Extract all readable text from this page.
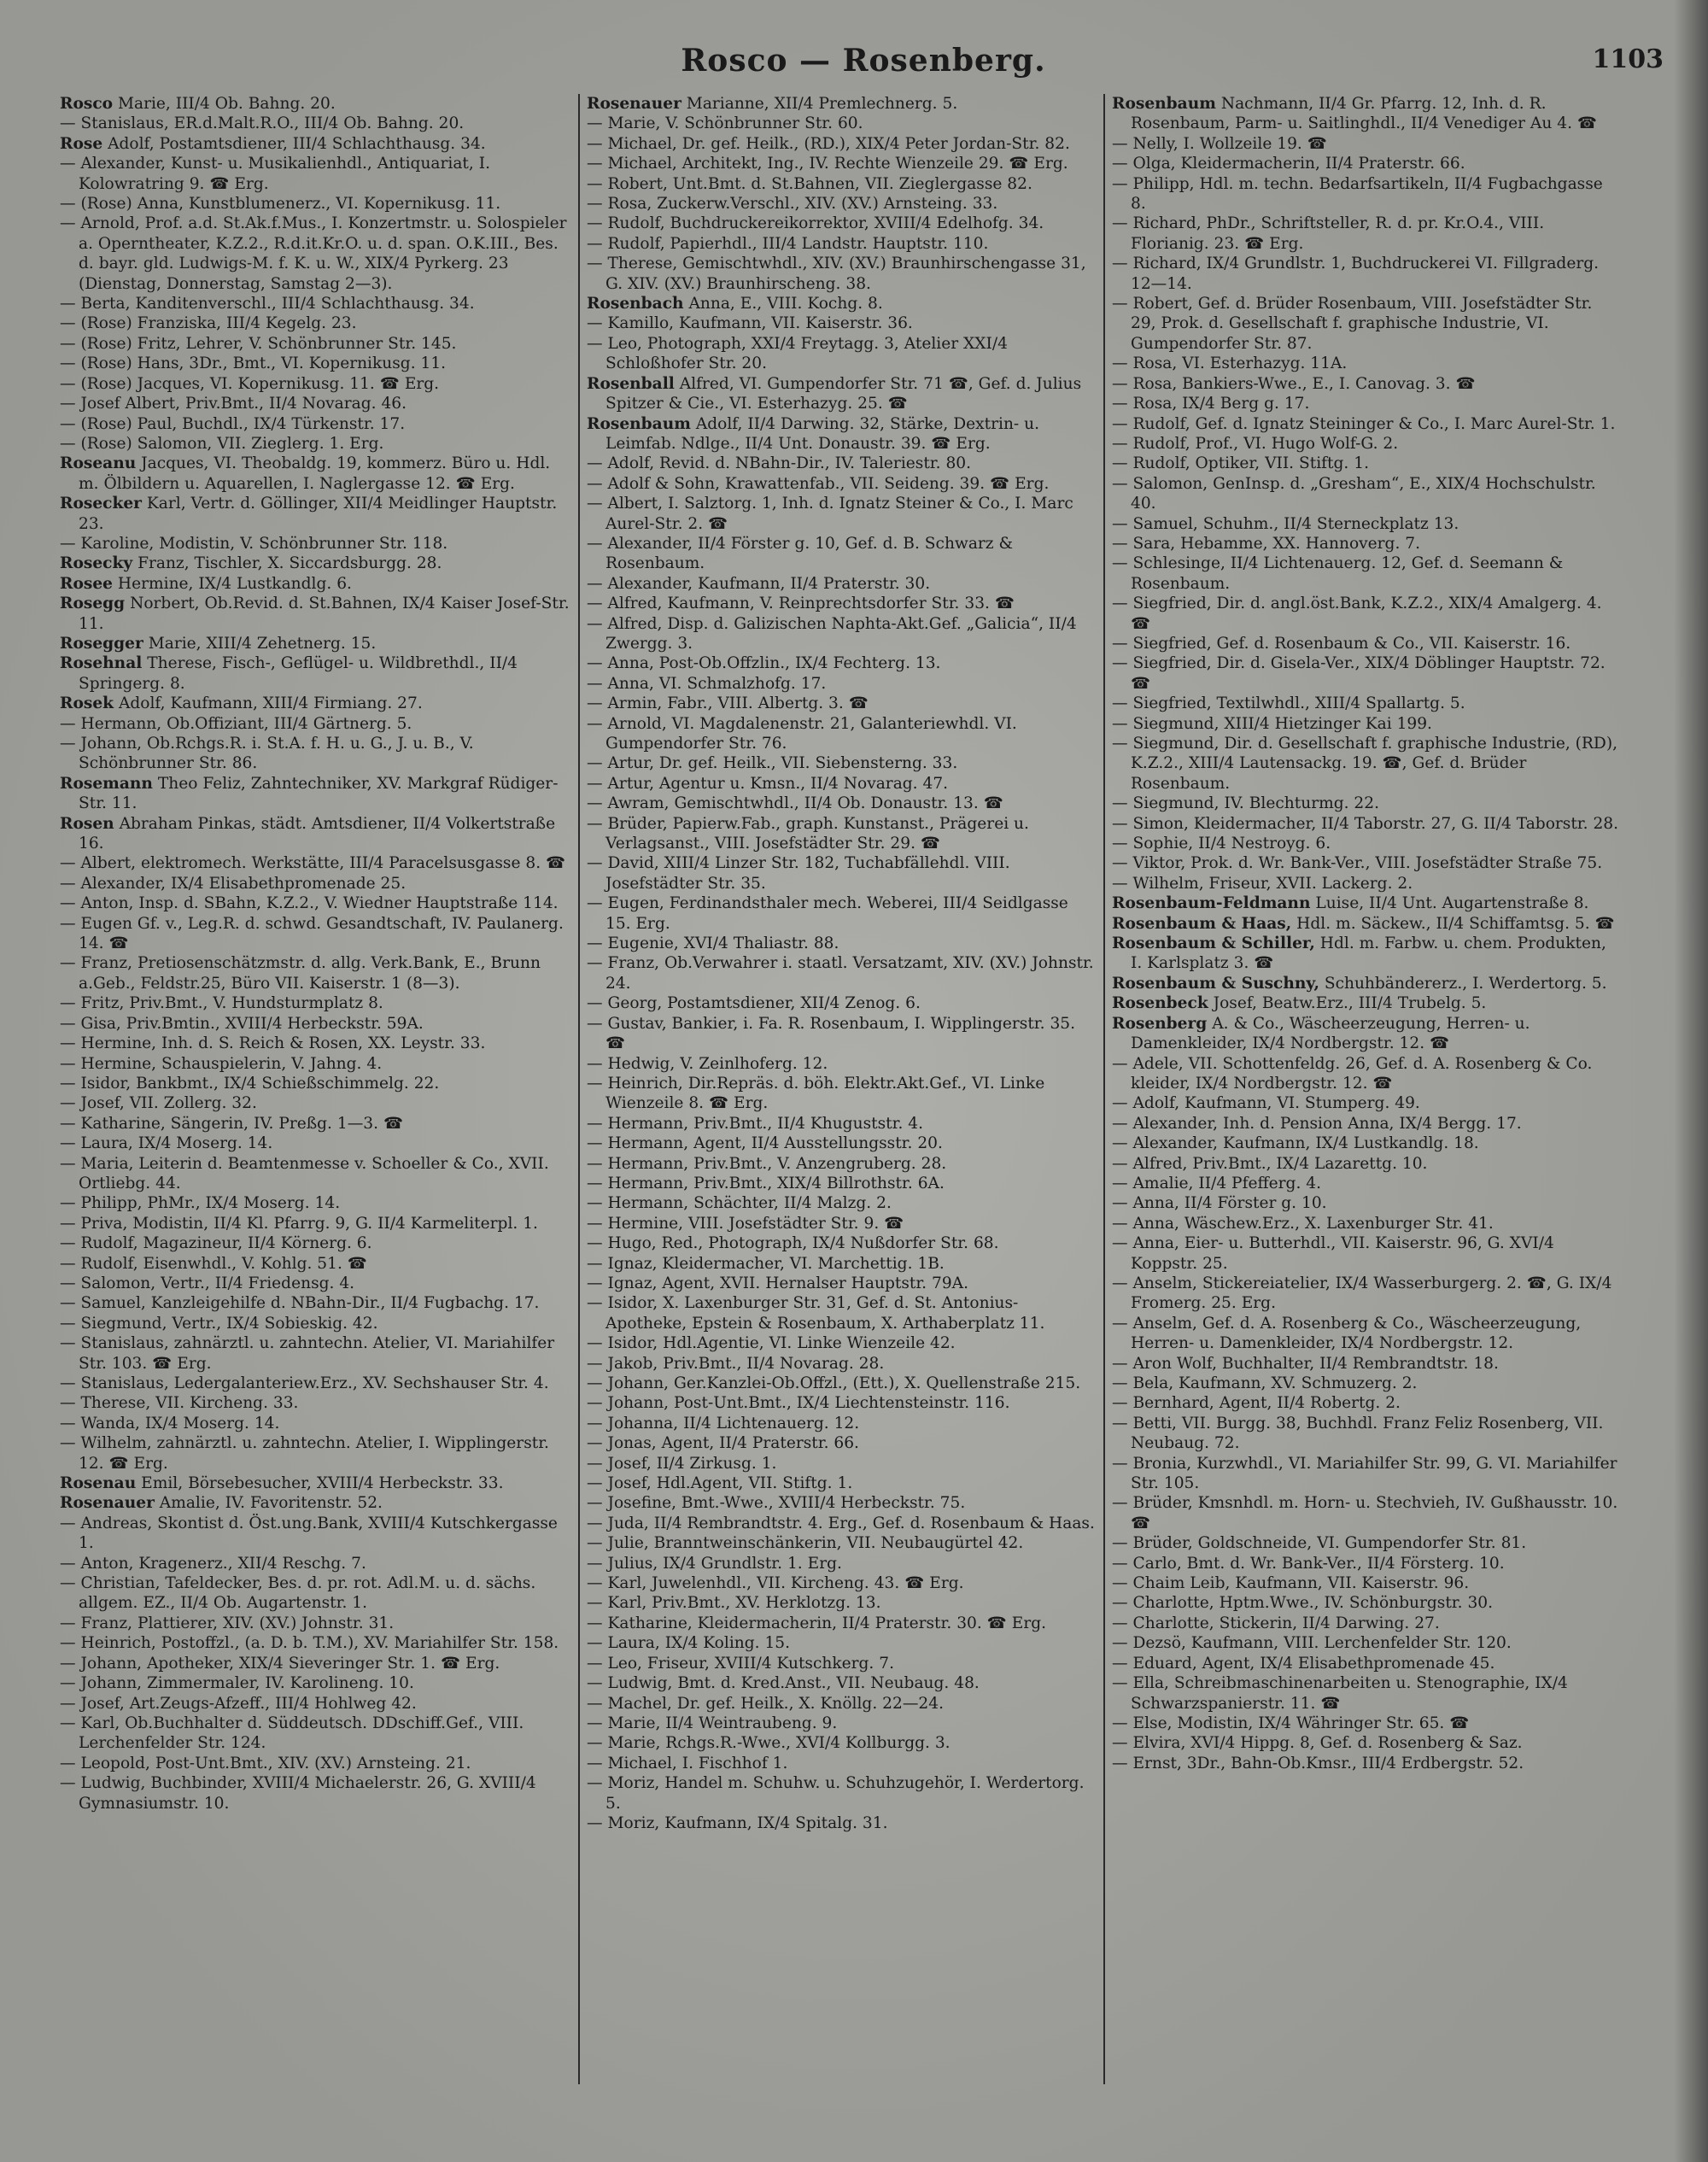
Rosco — Rosenberg.	1103

Rosco Marie, III/4 Ob. Bahng. 20.

— Stanislaus, ER.d.Malt.R.O., III/4 Ob. Bahng. 20.

Rose Adolf, Postamtsdiener, III/4 Schlachthausg. 34.

— Alexander, Kunst- u. Musikalienhdl., Antiquariat, I. Kolowratring 9. ☎ Erg.

— (Rose) Anna, Kunstblumenerz., VI. Kopernikusg. 11.

— Arnold, Prof. a.d. St.Ak.f.Mus., I. Konzertmstr. u. Solospieler a. Operntheater, K.Z.2., R.d.it.Kr.O. u. d. span. O.K.III., Bes. d. bayr. gld. Ludwigs-M. f. K. u. W., XIX/4 Pyrkerg. 23 (Dienstag, Donnerstag, Samstag 2—3).

— Berta, Kanditenverschl., III/4 Schlachthausg. 34.

— (Rose) Franziska, III/4 Kegelg. 23.

— (Rose) Fritz, Lehrer, V. Schönbrunner Str. 145.

— (Rose) Hans, 3Dr., Bmt., VI. Kopernikusg. 11.

— (Rose) Jacques, VI. Kopernikusg. 11. ☎ Erg.

— Josef Albert, Priv.Bmt., II/4 Novarag. 46.

— (Rose) Paul, Buchdl., IX/4 Türkenstr. 17.

— (Rose) Salomon, VII. Zieglerg. 1. Erg.

Roseanu Jacques, VI. Theobaldg. 19, kommerz. Büro u. Hdl. m. Ölbildern u. Aquarellen, I. Naglergasse 12. ☎ Erg.

Rosecker Karl, Vertr. d. Göllinger, XII/4 Meidlinger Hauptstr. 23.

— Karoline, Modistin, V. Schönbrunner Str. 118.

Rosecky Franz, Tischler, X. Siccardsburgg. 28.

Rosee Hermine, IX/4 Lustkandlg. 6.

Rosegg Norbert, Ob.Revid. d. St.Bahnen, IX/4 Kaiser Josef-Str. 11.

Rosegger Marie, XIII/4 Zehetnerg. 15.

Rosehnal Therese, Fisch-, Geflügel- u. Wildbrethdl., II/4 Springerg. 8.

Rosek Adolf, Kaufmann, XIII/4 Firmiang. 27.

— Hermann, Ob.Offiziant, III/4 Gärtnerg. 5.

— Johann, Ob.Rchgs.R. i. St.A. f. H. u. G., J. u. B., V. Schönbrunner Str. 86.

Rosemann Theo Feliz, Zahntechniker, XV. Markgraf Rüdiger-Str. 11.

Rosen Abraham Pinkas, städt. Amtsdiener, II/4 Volkertstraße 16.

— Albert, elektromech. Werkstätte, III/4 Paracelsusgasse 8. ☎

— Alexander, IX/4 Elisabethpromenade 25.

— Anton, Insp. d. SBahn, K.Z.2., V. Wiedner Hauptstraße 114.

— Eugen Gf. v., Leg.R. d. schwd. Gesandtschaft, IV. Paulanerg. 14. ☎

— Franz, Pretiosenschätzmstr. d. allg. Verk.Bank, E., Brunn a.Geb., Feldstr.25, Büro VII. Kaiserstr. 1 (8—3).

— Fritz, Priv.Bmt., V. Hundsturmplatz 8.

— Gisa, Priv.Bmtin., XVIII/4 Herbeckstr. 59A.

— Hermine, Inh. d. S. Reich & Rosen, XX. Leystr. 33.

— Hermine, Schauspielerin, V. Jahng. 4.

— Isidor, Bankbmt., IX/4 Schießschimmelg. 22.

— Josef, VII. Zollerg. 32.

— Katharine, Sängerin, IV. Preßg. 1—3. ☎

— Laura, IX/4 Moserg. 14.

— Maria, Leiterin d. Beamtenmesse v. Schoeller & Co., XVII. Ortliebg. 44.

— Philipp, PhMr., IX/4 Moserg. 14.

— Priva, Modistin, II/4 Kl. Pfarrg. 9, G. II/4 Karmeliterpl. 1.

— Rudolf, Magazineur, II/4 Körnerg. 6.

— Rudolf, Eisenwhdl., V. Kohlg. 51. ☎

— Salomon, Vertr., II/4 Friedensg. 4.

— Samuel, Kanzleigehilfe d. NBahn-Dir., II/4 Fugbachg. 17.

— Siegmund, Vertr., IX/4 Sobieskig. 42.

— Stanislaus, zahnärztl. u. zahntechn. Atelier, VI. Mariahilfer Str. 103. ☎ Erg.

— Stanislaus, Ledergalanteriew.Erz., XV. Sechshauser Str. 4.

— Therese, VII. Kircheng. 33.

— Wanda, IX/4 Moserg. 14.

— Wilhelm, zahnärztl. u. zahntechn. Atelier, I. Wipplingerstr. 12. ☎ Erg.

Rosenau Emil, Börsebesucher, XVIII/4 Herbeckstr. 33.

Rosenauer Amalie, IV. Favoritenstr. 52.

— Andreas, Skontist d. Öst.ung.Bank, XVIII/4 Kutschkergasse 1.

— Anton, Kragenerz., XII/4 Reschg. 7.

— Christian, Tafeldecker, Bes. d. pr. rot. Adl.M. u. d. sächs. allgem. EZ., II/4 Ob. Augartenstr. 1.

— Franz, Plattierer, XIV. (XV.) Johnstr. 31.

— Heinrich, Postoffzl., (a. D. b. T.M.), XV. Mariahilfer Str. 158.

— Johann, Apotheker, XIX/4 Sieveringer Str. 1. ☎ Erg.

— Johann, Zimmermaler, IV. Karolineng. 10.

— Josef, Art.Zeugs-Afzeff., III/4 Hohlweg 42.

— Karl, Ob.Buchhalter d. Süddeutsch. DDschiff.Gef., VIII. Lerchenfelder Str. 124.

— Leopold, Post-Unt.Bmt., XIV. (XV.) Arnsteing. 21.

— Ludwig, Buchbinder, XVIII/4 Michaelerstr. 26, G. XVIII/4 Gymnasiumstr. 10.

Rosenauer Marianne, XII/4 Premlechnerg. 5.

— Marie, V. Schönbrunner Str. 60.

— Michael, Dr. gef. Heilk., (RD.), XIX/4 Peter Jordan-Str. 82.

— Michael, Architekt, Ing., IV. Rechte Wienzeile 29. ☎ Erg.

— Robert, Unt.Bmt. d. St.Bahnen, VII. Zieglergasse 82.

— Rosa, Zuckerw.Verschl., XIV. (XV.) Arnsteing. 33.

— Rudolf, Buchdruckereikorrektor, XVIII/4 Edelhofg. 34.

— Rudolf, Papierhdl., III/4 Landstr. Hauptstr. 110.

— Therese, Gemischtwhdl., XIV. (XV.) Braunhirschengasse 31, G. XIV. (XV.) Braunhirscheng. 38.

Rosenbach Anna, E., VIII. Kochg. 8.

— Kamillo, Kaufmann, VII. Kaiserstr. 36.

— Leo, Photograph, XXI/4 Freytagg. 3, Atelier XXI/4 Schloßhofer Str. 20.

Rosenball Alfred, VI. Gumpendorfer Str. 71 ☎, Gef. d. Julius Spitzer & Cie., VI. Esterhazyg. 25. ☎

Rosenbaum Adolf, II/4 Darwing. 32, Stärke, Dextrin- u. Leimfab. Ndlge., II/4 Unt. Donaustr. 39. ☎ Erg.

— Adolf, Revid. d. NBahn-Dir., IV. Taleriestr. 80.

— Adolf & Sohn, Krawattenfab., VII. Seideng. 39. ☎ Erg.

— Albert, I. Salztorg. 1, Inh. d. Ignatz Steiner & Co., I. Marc Aurel-Str. 2. ☎

— Alexander, II/4 Förster g. 10, Gef. d. B. Schwarz & Rosenbaum.

— Alexander, Kaufmann, II/4 Praterstr. 30.

— Alfred, Kaufmann, V. Reinprechtsdorfer Str. 33. ☎

— Alfred, Disp. d. Galizischen Naphta-Akt.Gef. „Galicia“, II/4 Zwergg. 3.

— Anna, Post-Ob.Offzlin., IX/4 Fechterg. 13.

— Anna, VI. Schmalzhofg. 17.

— Armin, Fabr., VIII. Albertg. 3. ☎

— Arnold, VI. Magdalenenstr. 21, Galanteriewhdl. VI. Gumpendorfer Str. 76.

— Artur, Dr. gef. Heilk., VII. Siebensterng. 33.

— Artur, Agentur u. Kmsn., II/4 Novarag. 47.

— Awram, Gemischtwhdl., II/4 Ob. Donaustr. 13. ☎

— Brüder, Papierw.Fab., graph. Kunstanst., Prägerei u. Verlagsanst., VIII. Josefstädter Str. 29. ☎

— David, XIII/4 Linzer Str. 182, Tuchabfällehdl. VIII. Josefstädter Str. 35.

— Eugen, Ferdinandsthaler mech. Weberei, III/4 Seidlgasse 15. Erg.

— Eugenie, XVI/4 Thaliastr. 88.

— Franz, Ob.Verwahrer i. staatl. Versatzamt, XIV. (XV.) Johnstr. 24.

— Georg, Postamtsdiener, XII/4 Zenog. 6.

— Gustav, Bankier, i. Fa. R. Rosenbaum, I. Wipplingerstr. 35. ☎

— Hedwig, V. Zeinlhoferg. 12.

— Heinrich, Dir.Repräs. d. böh. Elektr.Akt.Gef., VI. Linke Wienzeile 8. ☎ Erg.

— Hermann, Priv.Bmt., II/4 Khuguststr. 4.

— Hermann, Agent, II/4 Ausstellungsstr. 20.

— Hermann, Priv.Bmt., V. Anzengruberg. 28.

— Hermann, Priv.Bmt., XIX/4 Billrothstr. 6A.

— Hermann, Schächter, II/4 Malzg. 2.

— Hermine, VIII. Josefstädter Str. 9. ☎

— Hugo, Red., Photograph, IX/4 Nußdorfer Str. 68.

— Ignaz, Kleidermacher, VI. Marchettig. 1B.

— Ignaz, Agent, XVII. Hernalser Hauptstr. 79A.

— Isidor, X. Laxenburger Str. 31, Gef. d. St. Antonius-Apotheke, Epstein & Rosenbaum, X. Arthaberplatz 11.

— Isidor, Hdl.Agentie, VI. Linke Wienzeile 42.

— Jakob, Priv.Bmt., II/4 Novarag. 28.

— Johann, Ger.Kanzlei-Ob.Offzl., (Ett.), X. Quellenstraße 215.

— Johann, Post-Unt.Bmt., IX/4 Liechtensteinstr. 116.

— Johanna, II/4 Lichtenauerg. 12.

— Jonas, Agent, II/4 Praterstr. 66.

— Josef, II/4 Zirkusg. 1.

— Josef, Hdl.Agent, VII. Stiftg. 1.

— Josefine, Bmt.-Wwe., XVIII/4 Herbeckstr. 75.

— Juda, II/4 Rembrandtstr. 4. Erg., Gef. d. Rosenbaum & Haas.

— Julie, Branntweinschänkerin, VII. Neubaugürtel 42.

— Julius, IX/4 Grundlstr. 1. Erg.

— Karl, Juwelenhdl., VII. Kircheng. 43. ☎ Erg.

— Karl, Priv.Bmt., XV. Herklotzg. 13.

— Katharine, Kleidermacherin, II/4 Praterstr. 30. ☎ Erg.

— Laura, IX/4 Koling. 15.

— Leo, Friseur, XVIII/4 Kutschkerg. 7.

— Ludwig, Bmt. d. Kred.Anst., VII. Neubaug. 48.

— Machel, Dr. gef. Heilk., X. Knöllg. 22—24.

— Marie, II/4 Weintraubeng. 9.

— Marie, Rchgs.R.-Wwe., XVI/4 Kollburgg. 3.

— Michael, I. Fischhof 1.

— Moriz, Handel m. Schuhw. u. Schuhzugehör, I. Werdertorg. 5.

— Moriz, Kaufmann, IX/4 Spitalg. 31.

Rosenbaum Nachmann, II/4 Gr. Pfarrg. 12, Inh. d. R. Rosenbaum, Parm- u. Saitlinghdl., II/4 Venediger Au 4. ☎

— Nelly, I. Wollzeile 19. ☎

— Olga, Kleidermacherin, II/4 Praterstr. 66.

— Philipp, Hdl. m. techn. Bedarfsartikeln, II/4 Fugbachgasse 8.

— Richard, PhDr., Schriftsteller, R. d. pr. Kr.O.4., VIII. Florianig. 23. ☎ Erg.

— Richard, IX/4 Grundlstr. 1, Buchdruckerei VI. Fillgraderg. 12—14.

— Robert, Gef. d. Brüder Rosenbaum, VIII. Josefstädter Str. 29, Prok. d. Gesellschaft f. graphische Industrie, VI. Gumpendorfer Str. 87.

— Rosa, VI. Esterhazyg. 11A.

— Rosa, Bankiers-Wwe., E., I. Canovag. 3. ☎

— Rosa, IX/4 Berg g. 17.

— Rudolf, Gef. d. Ignatz Steininger & Co., I. Marc Aurel-Str. 1.

— Rudolf, Prof., VI. Hugo Wolf-G. 2.

— Rudolf, Optiker, VII. Stiftg. 1.

— Salomon, GenInsp. d. „Gresham“, E., XIX/4 Hochschulstr. 40.

— Samuel, Schuhm., II/4 Sterneckplatz 13.

— Sara, Hebamme, XX. Hannoverg. 7.

— Schlesinge, II/4 Lichtenauerg. 12, Gef. d. Seemann & Rosenbaum.

— Siegfried, Dir. d. angl.öst.Bank, K.Z.2., XIX/4 Amalgerg. 4. ☎

— Siegfried, Gef. d. Rosenbaum & Co., VII. Kaiserstr. 16.

— Siegfried, Dir. d. Gisela-Ver., XIX/4 Döblinger Hauptstr. 72. ☎

— Siegfried, Textilwhdl., XIII/4 Spallartg. 5.

— Siegmund, XIII/4 Hietzinger Kai 199.

— Siegmund, Dir. d. Gesellschaft f. graphische Industrie, (RD), K.Z.2., XIII/4 Lautensackg. 19. ☎, Gef. d. Brüder Rosenbaum.

— Siegmund, IV. Blechturmg. 22.

— Simon, Kleidermacher, II/4 Taborstr. 27, G. II/4 Taborstr. 28.

— Sophie, II/4 Nestroyg. 6.

— Viktor, Prok. d. Wr. Bank-Ver., VIII. Josefstädter Straße 75.

— Wilhelm, Friseur, XVII. Lackerg. 2.

Rosenbaum-Feldmann Luise, II/4 Unt. Augartenstraße 8.

Rosenbaum & Haas, Hdl. m. Säckew., II/4 Schiffamtsg. 5. ☎

Rosenbaum & Schiller, Hdl. m. Farbw. u. chem. Produkten, I. Karlsplatz 3. ☎

Rosenbaum & Suschny, Schuhbändererz., I. Werdertorg. 5.

Rosenbeck Josef, Beatw.Erz., III/4 Trubelg. 5.

Rosenberg A. & Co., Wäscheerzeugung, Herren- u. Damenkleider, IX/4 Nordbergstr. 12. ☎

— Adele, VII. Schottenfeldg. 26, Gef. d. A. Rosenberg & Co. kleider, IX/4 Nordbergstr. 12. ☎

— Adolf, Kaufmann, VI. Stumperg. 49.

— Alexander, Inh. d. Pension Anna, IX/4 Bergg. 17.

— Alexander, Kaufmann, IX/4 Lustkandlg. 18.

— Alfred, Priv.Bmt., IX/4 Lazarettg. 10.

— Amalie, II/4 Pfefferg. 4.

— Anna, II/4 Förster g. 10.

— Anna, Wäschew.Erz., X. Laxenburger Str. 41.

— Anna, Eier- u. Butterhdl., VII. Kaiserstr. 96, G. XVI/4 Koppstr. 25.

— Anselm, Stickereiatelier, IX/4 Wasserburgerg. 2. ☎, G. IX/4 Fromerg. 25. Erg.

— Anselm, Gef. d. A. Rosenberg & Co., Wäscheerzeugung, Herren- u. Damenkleider, IX/4 Nordbergstr. 12.

— Aron Wolf, Buchhalter, II/4 Rembrandtstr. 18.

— Bela, Kaufmann, XV. Schmuzerg. 2.

— Bernhard, Agent, II/4 Robertg. 2.

— Betti, VII. Burgg. 38, Buchhdl. Franz Feliz Rosenberg, VII. Neubaug. 72.

— Bronia, Kurzwhdl., VI. Mariahilfer Str. 99, G. VI. Mariahilfer Str. 105.

— Brüder, Kmsnhdl. m. Horn- u. Stechvieh, IV. Gußhausstr. 10. ☎

— Brüder, Goldschneide, VI. Gumpendorfer Str. 81.

— Carlo, Bmt. d. Wr. Bank-Ver., II/4 Försterg. 10.

— Chaim Leib, Kaufmann, VII. Kaiserstr. 96.

— Charlotte, Hptm.Wwe., IV. Schönburgstr. 30.

— Charlotte, Stickerin, II/4 Darwing. 27.

— Dezsö, Kaufmann, VIII. Lerchenfelder Str. 120.

— Eduard, Agent, IX/4 Elisabethpromenade 45.

— Ella, Schreibmaschinenarbeiten u. Stenographie, IX/4 Schwarzspanierstr. 11. ☎

— Else, Modistin, IX/4 Währinger Str. 65. ☎

— Elvira, XVI/4 Hippg. 8, Gef. d. Rosenberg & Saz.

— Ernst, 3Dr., Bahn-Ob.Kmsr., III/4 Erdbergstr. 52.
